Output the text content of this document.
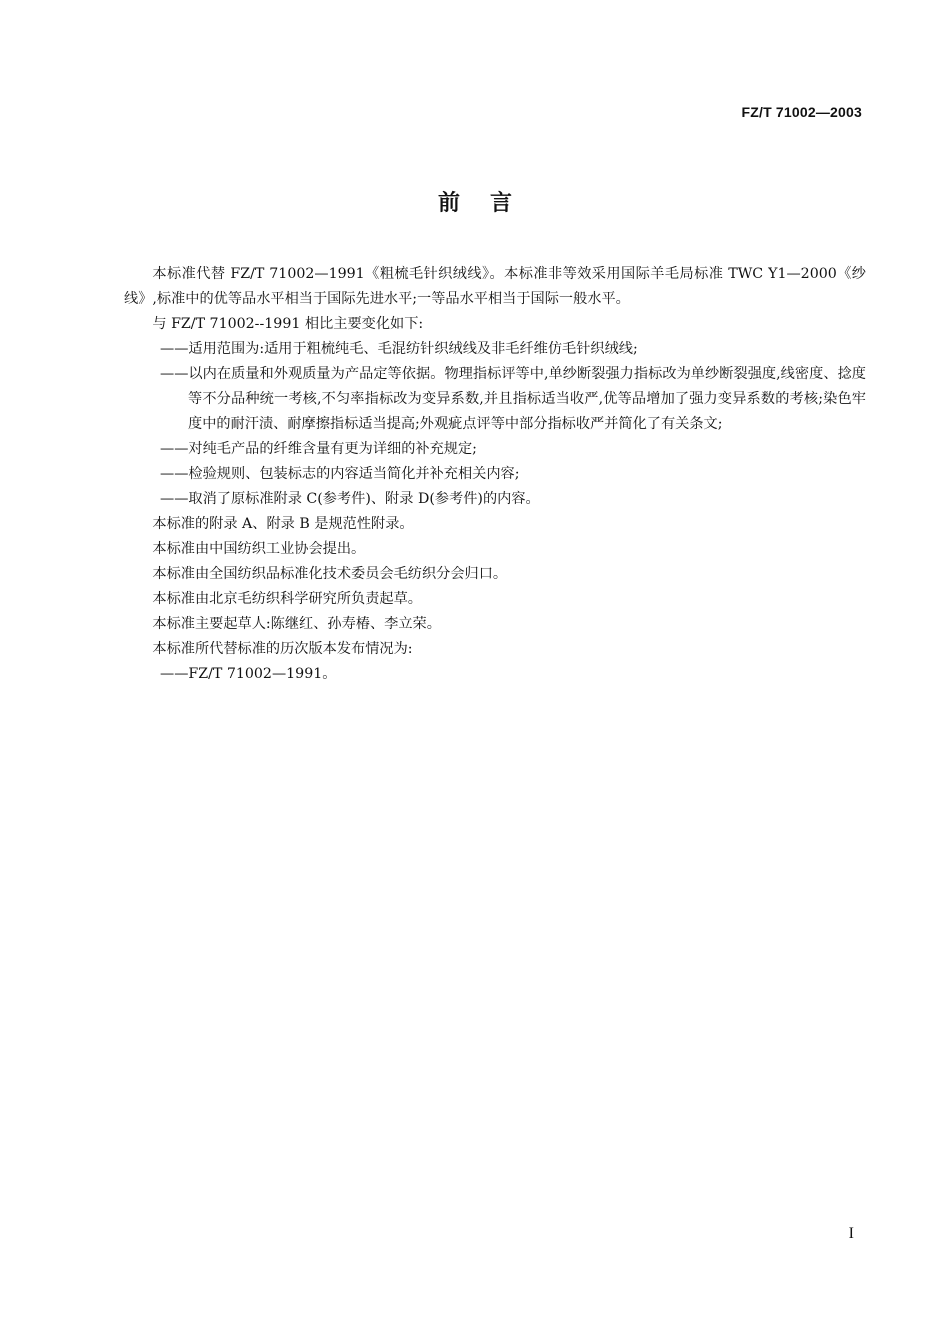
FZ/T 71002—2003
前言

本标准代替 FZ/T 71002—1991《粗梳毛针织绒线》。本标准非等效采用国际羊毛局标准 TWC Y1—2000《纱线》,标准中的优等品水平相当于国际先进水平;一等品水平相当于国际一般水平。

与 FZ/T 71002--1991 相比主要变化如下:

——适用范围为:适用于粗梳纯毛、毛混纺针织绒线及非毛纤维仿毛针织绒线;

——以内在质量和外观质量为产品定等依据。物理指标评等中,单纱断裂强力指标改为单纱断裂强度,线密度、捻度等不分品种统一考核,不匀率指标改为变异系数,并且指标适当收严,优等品增加了强力变异系数的考核;染色牢度中的耐汗渍、耐摩擦指标适当提高;外观疵点评等中部分指标收严并简化了有关条文;

——对纯毛产品的纤维含量有更为详细的补充规定;

——检验规则、包装标志的内容适当简化并补充相关内容;

——取消了原标准附录 C(参考件)、附录 D(参考件)的内容。

本标准的附录 A、附录 B 是规范性附录。

本标准由中国纺织工业协会提出。

本标准由全国纺织品标准化技术委员会毛纺织分会归口。

本标准由北京毛纺织科学研究所负责起草。

本标准主要起草人:陈继红、孙寿椿、李立荣。

本标准所代替标准的历次版本发布情况为:

——FZ/T 71002—1991。

I
